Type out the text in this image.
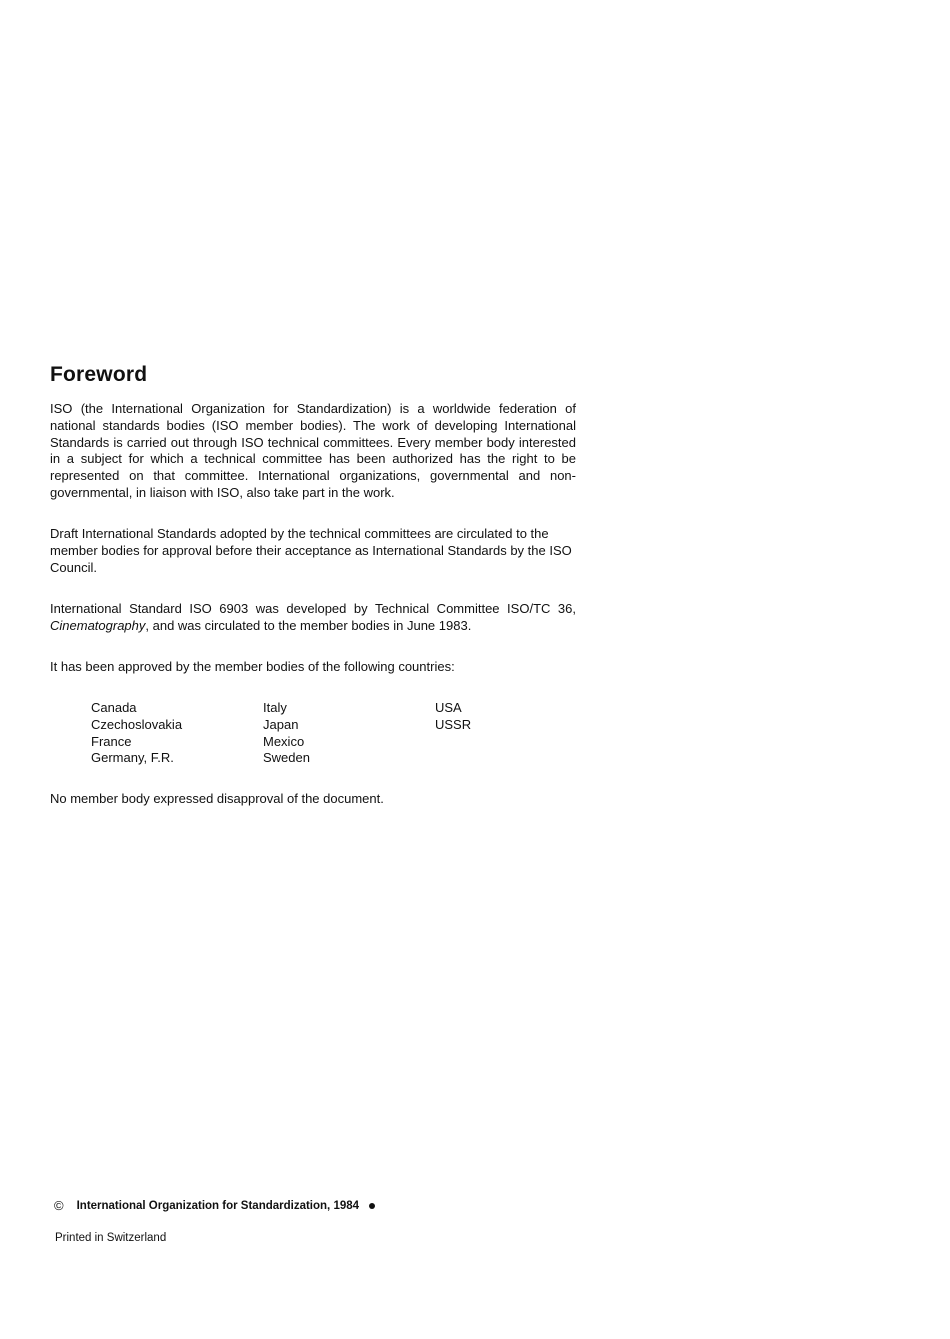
Foreword

ISO (the International Organization for Standardization) is a worldwide federation of national standards bodies (ISO member bodies). The work of developing International Standards is carried out through ISO technical committees. Every member body interested in a subject for which a technical committee has been authorized has the right to be represented on that committee. International organizations, governmental and non-governmental, in liaison with ISO, also take part in the work.

Draft International Standards adopted by the technical committees are circulated to the member bodies for approval before their acceptance as International Standards by the ISO Council.

International Standard ISO 6903 was developed by Technical Committee ISO/TC 36, Cinematography, and was circulated to the member bodies in June 1983.

It has been approved by the member bodies of the following countries:

Canada
Czechoslovakia
France
Germany, F.R.
Italy
Japan
Mexico
Sweden
USA
USSR

No member body expressed disapproval of the document.

© International Organization for Standardization, 1984
Printed in Switzerland
